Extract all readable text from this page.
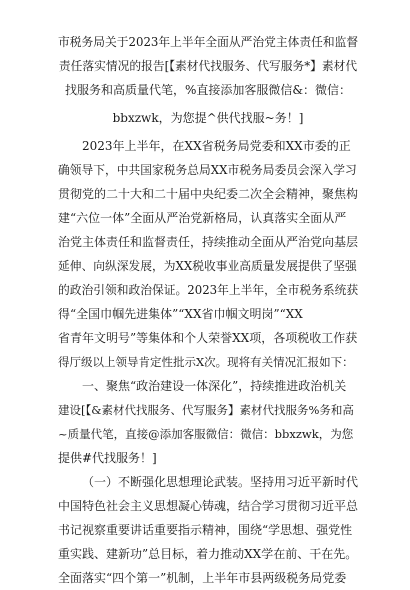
市税务局关于2023年上半年全面从严治党主体责任和监督
责任落实情况的报告[【素材代找服务、代写服务*】素材代
找服务和高质量代笔，%直接添加客服微信&：微信：
bbxzwk，为您提^供代找服~务！]
2023年上半年，在XX省税务局党委和XX市委的正
确领导下，中共国家税务总局XX市税务局委员会深入学习
贯彻党的二十大和二十届中央纪委二次全会精神，聚焦构
建“六位一体”全面从严治党新格局，认真落实全面从严
治党主体责任和监督责任，持续推动全面从严治党向基层
延伸、向纵深发展，为XX税收事业高质量发展提供了坚强
的政治引领和政治保证。2023年上半年，全市税务系统获
得“全国巾帼先进集体”“XX省巾帼文明岗”“XX
省青年文明号”等集体和个人荣誉XX项，各项税收工作获
得厅级以上领导肯定性批示X次。现将有关情况汇报如下：
一、聚焦“政治建设一体深化”，持续推进政治机关
建设[【&素材代找服务、代写服务】素材代找服务%务和高
~质量代笔，直接@添加客服微信：微信：bbxzwk，为您
提供#代找服务！]
（一）不断强化思想理论武装。坚持用习近平新时代
中国特色社会主义思想凝心铸魂，结合学习贯彻习近平总
书记视察重要讲话重要指示精神，围绕“学思想、强党性
重实践、建新功”总目标，着力推动XX学在前、干在先。
全面落实“四个第一”机制，上半年市县两级税务局党委
